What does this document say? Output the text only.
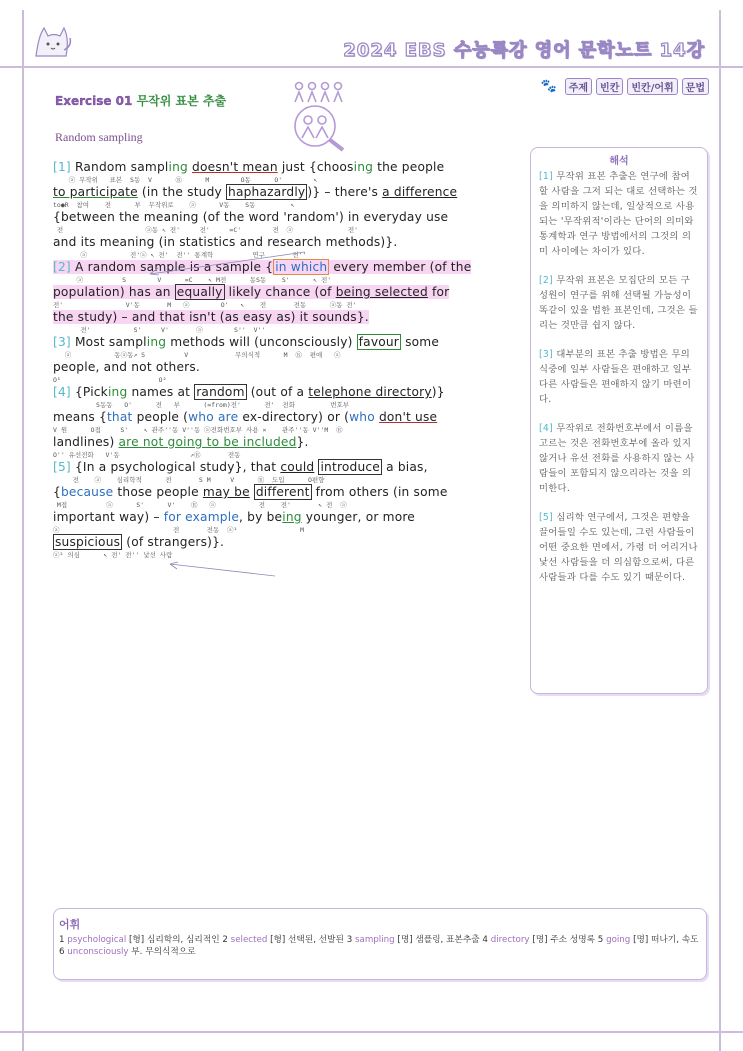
2024 EBS 수능특강 영어 문학노트 14강
🐾	주제	빈칸	빈칸/어휘	문법
Exercise 01 무작위 표본 추출
Random sampling
[1] Random sampling doesn't mean just {choosing the people
ⓐ 무작위   표본  S동  V      Ⓡ      M        O동      O'        ↖
to participate (in the study haphazardly )} – there's a difference
to●R  참여    전      부  무작위로    ⓐ      V동    S동         ↖
{between the meaning (of the word 'random') in everyday use
전                     ⓐ동 ↖ 전'     전'     =C'        전  ⓐ              전'
and its meaning (in statistics and research methods)}.
ⓐ           전'ⓐ ↖ 전'  전'' 통계학          연구       전''
[2] A random sample is a sample { in which every member (of the
ⓐ          S        V      =C    ↖ M전      동S동    S'      ↖ 전'
population) has an equally likely chance (of being selected for
전'                V'동       M   ⓐ        O'   ↖    전       전동      ⓐ동 전'
the study) – and that isn't (as easy as) it sounds}.
전'           S'     V'       ⓐ        S''  V''
[3] Most sampling methods will (unconsciously) favour some
ⓐ           동ⓐ동↗ S          V            무의식적      M  Ⓡ  편애   ⓐ
people, and not others.
O¹                         O²
[4] {Picking names at random (out of a telephone directory)}
S동동   O'      전   부      (=from)전'      전'  전화         번호부
means {that people (who are ex-directory) or (who don't use
V 원      O접     S'    ↖ 관주''동 V''동 ⓐ전화번호부 사용 ×    관주''동 V''M  Ⓡ
landlines) are not going to be included}.
O'' 유선전화   V'동                  ↗Ⓡ       전동
[5] {In a psychological study}, that could introduce a bias,
전    ⓐ    심리학적      전       S M     V      Ⓡ  도입      O편향
{because those people may be different from others (in some
M접          ⓐ      S'      V'    Ⓡ   ⓐ           전    전'       ↖ 전  ⓐ
important way) – for example, by being younger, or more
ⓐ                             전       전동  ⓐ¹                M
suspicious (of strangers)}.
ⓐ² 의심      ↖ 전' 전'' 낯선 사람
해석
[1] 무작위 표본 추출은 연구에 참여할 사람을 그저 되는 대로 선택하는 것을 의미하지 않는데, 일상적으로 사용되는 '무작위적'이라는 단어의 의미와 통계학과 연구 방법에서의 그것의 의미 사이에는 차이가 있다.
[2] 무작위 표본은 모집단의 모든 구성원이 연구를 위해 선택될 가능성이 똑같이 있을 법한 표본인데, 그것은 들리는 것만큼 쉽지 않다.
[3] 대부분의 표본 추출 방법은 무의식중에 일부 사람들은 편애하고 일부 다른 사람들은 편애하지 않기 마련이다.
[4] 무작위로 전화번호부에서 이름을 고르는 것은 전화번호부에 올라 있지 않거나 유선 전화를 사용하지 않는 사람들이 포함되지 않으리라는 것을 의미한다.
[5] 심리학 연구에서, 그것은 편향을 끌어들일 수도 있는데, 그런 사람들이 어떤 중요한 면에서, 가령 더 어리거나 낯선 사람들을 더 의심함으로써, 다른 사람들과 다를 수도 있기 때문이다.
어휘
1 psychological [형] 심리학의, 심리적인 2 selected [형] 선택된, 선발된 3 sampling [명] 샘플링, 표본추출 4 directory [명] 주소 성명록 5 going [명] 떠나기, 속도 6 unconsciously 부. 무의식적으로
